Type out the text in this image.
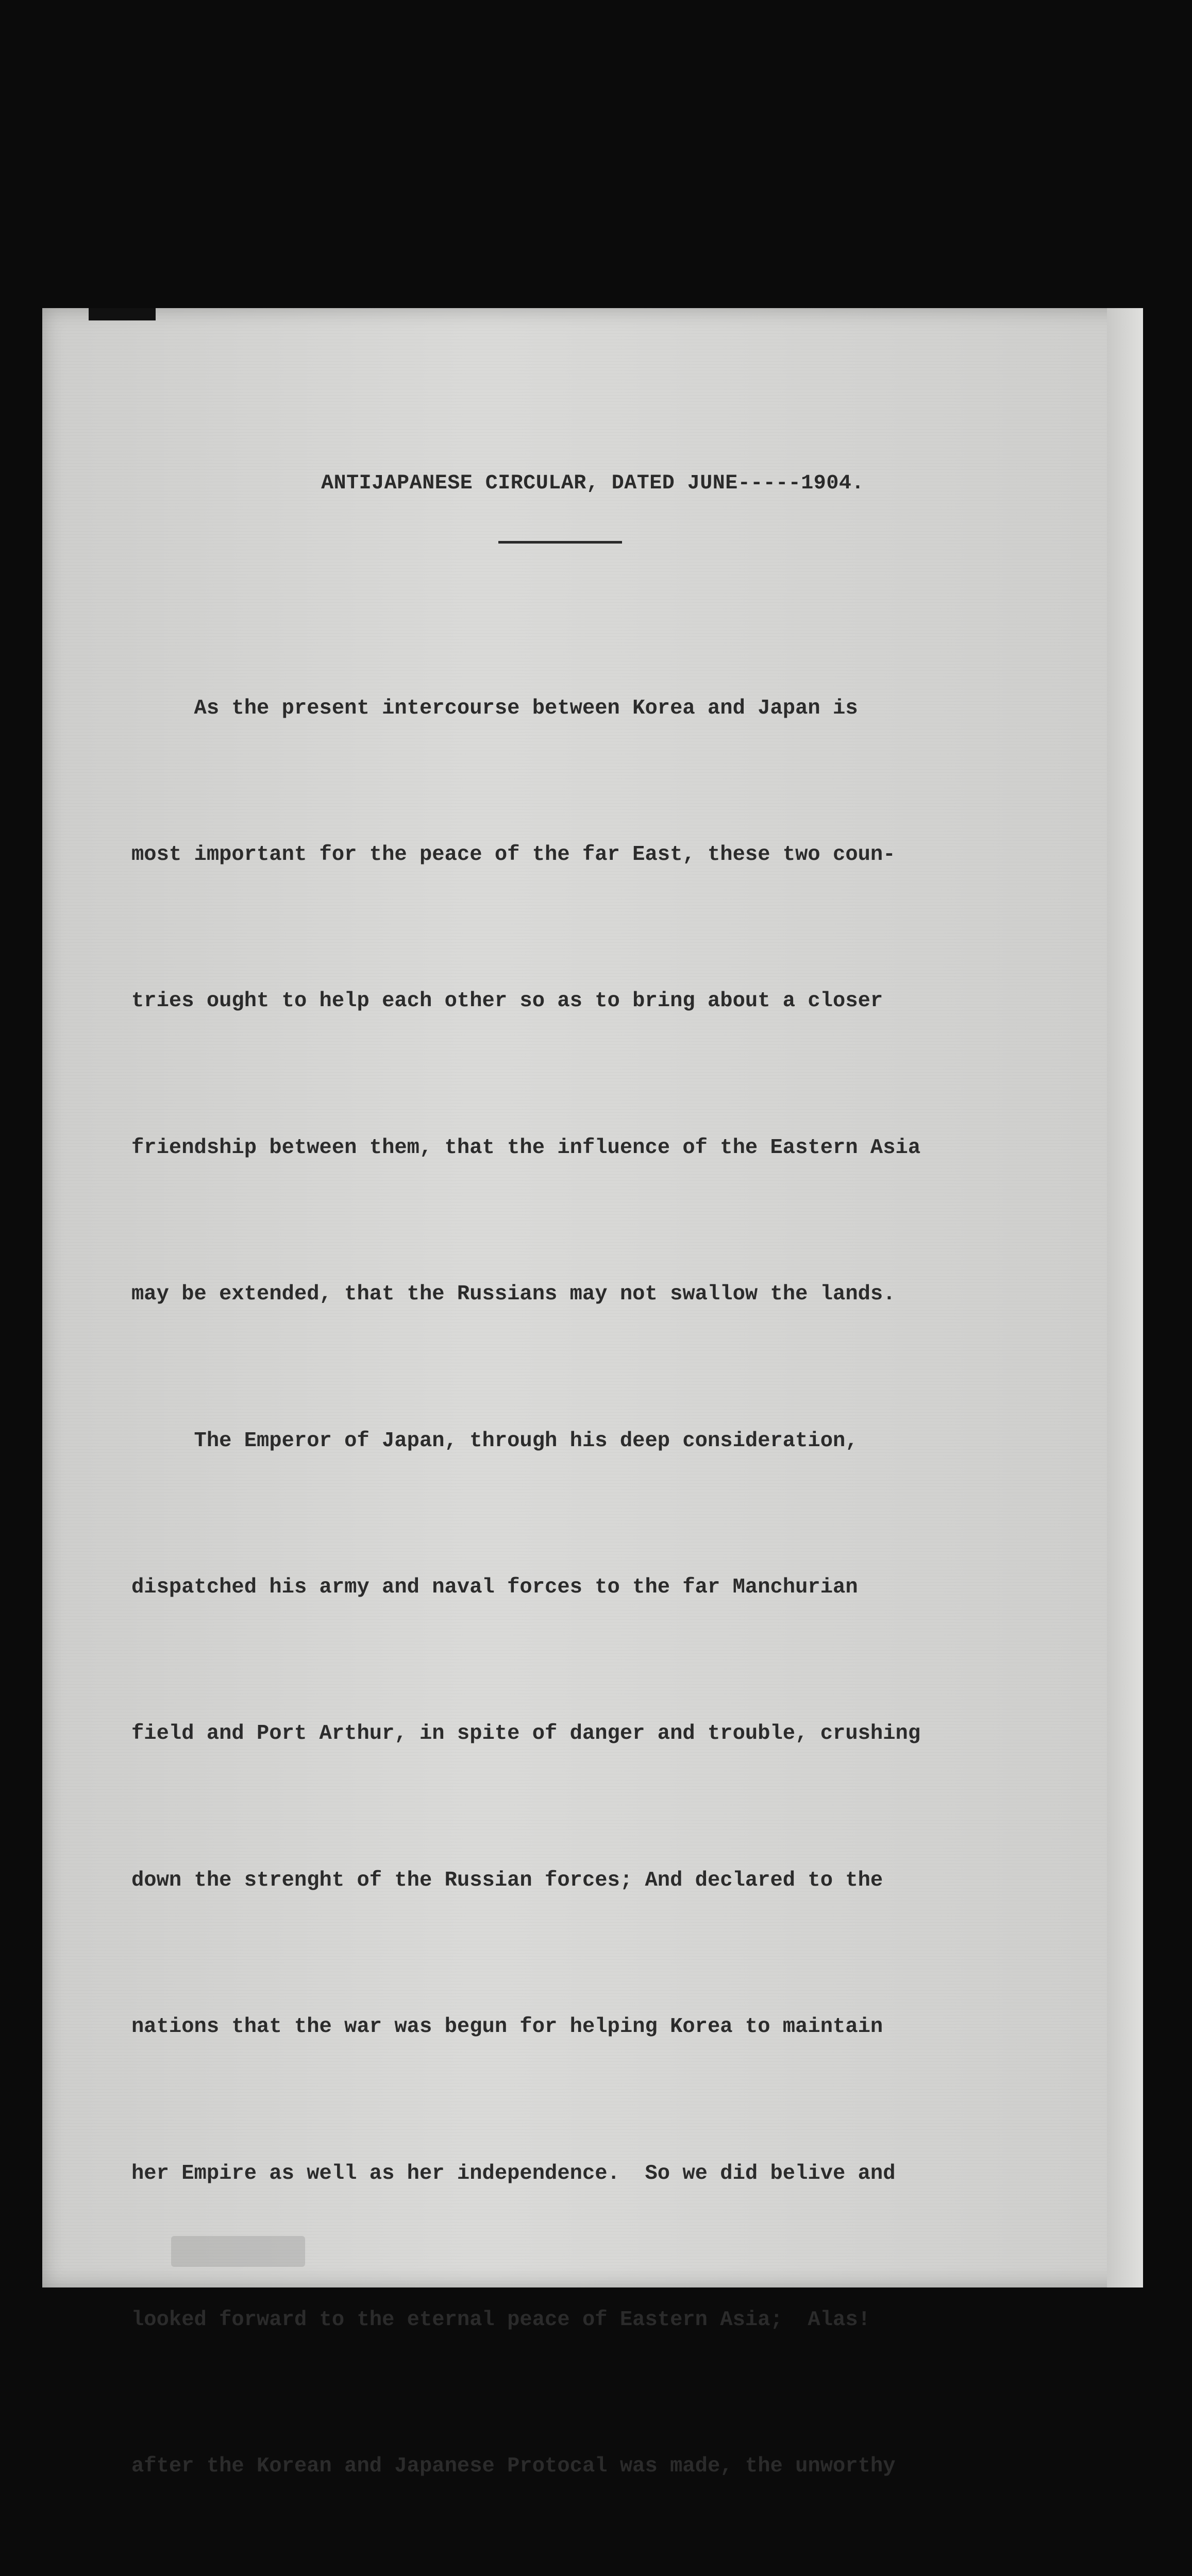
ANTIJAPANESE CIRCULAR, DATED JUNE-----1904.

As the present intercourse between Korea and Japan is

most important for the peace of the far East, these two coun-

tries ought to help each other so as to bring about a closer

friendship between them, that the influence of the Eastern Asia

may be extended, that the Russians may not swallow the lands.

The Emperor of Japan, through his deep consideration,

dispatched his army and naval forces to the far Manchurian

field and Port Arthur, in spite of danger and trouble, crushing

down the strenght of the Russian forces; And declared to the

nations that the war was begun for helping Korea to maintain

her Empire as well as her independence.  So we did belive and

looked forward to the eternal peace of Eastern Asia;  Alas!

after the Korean and Japanese Protocal was made, the unworthy
